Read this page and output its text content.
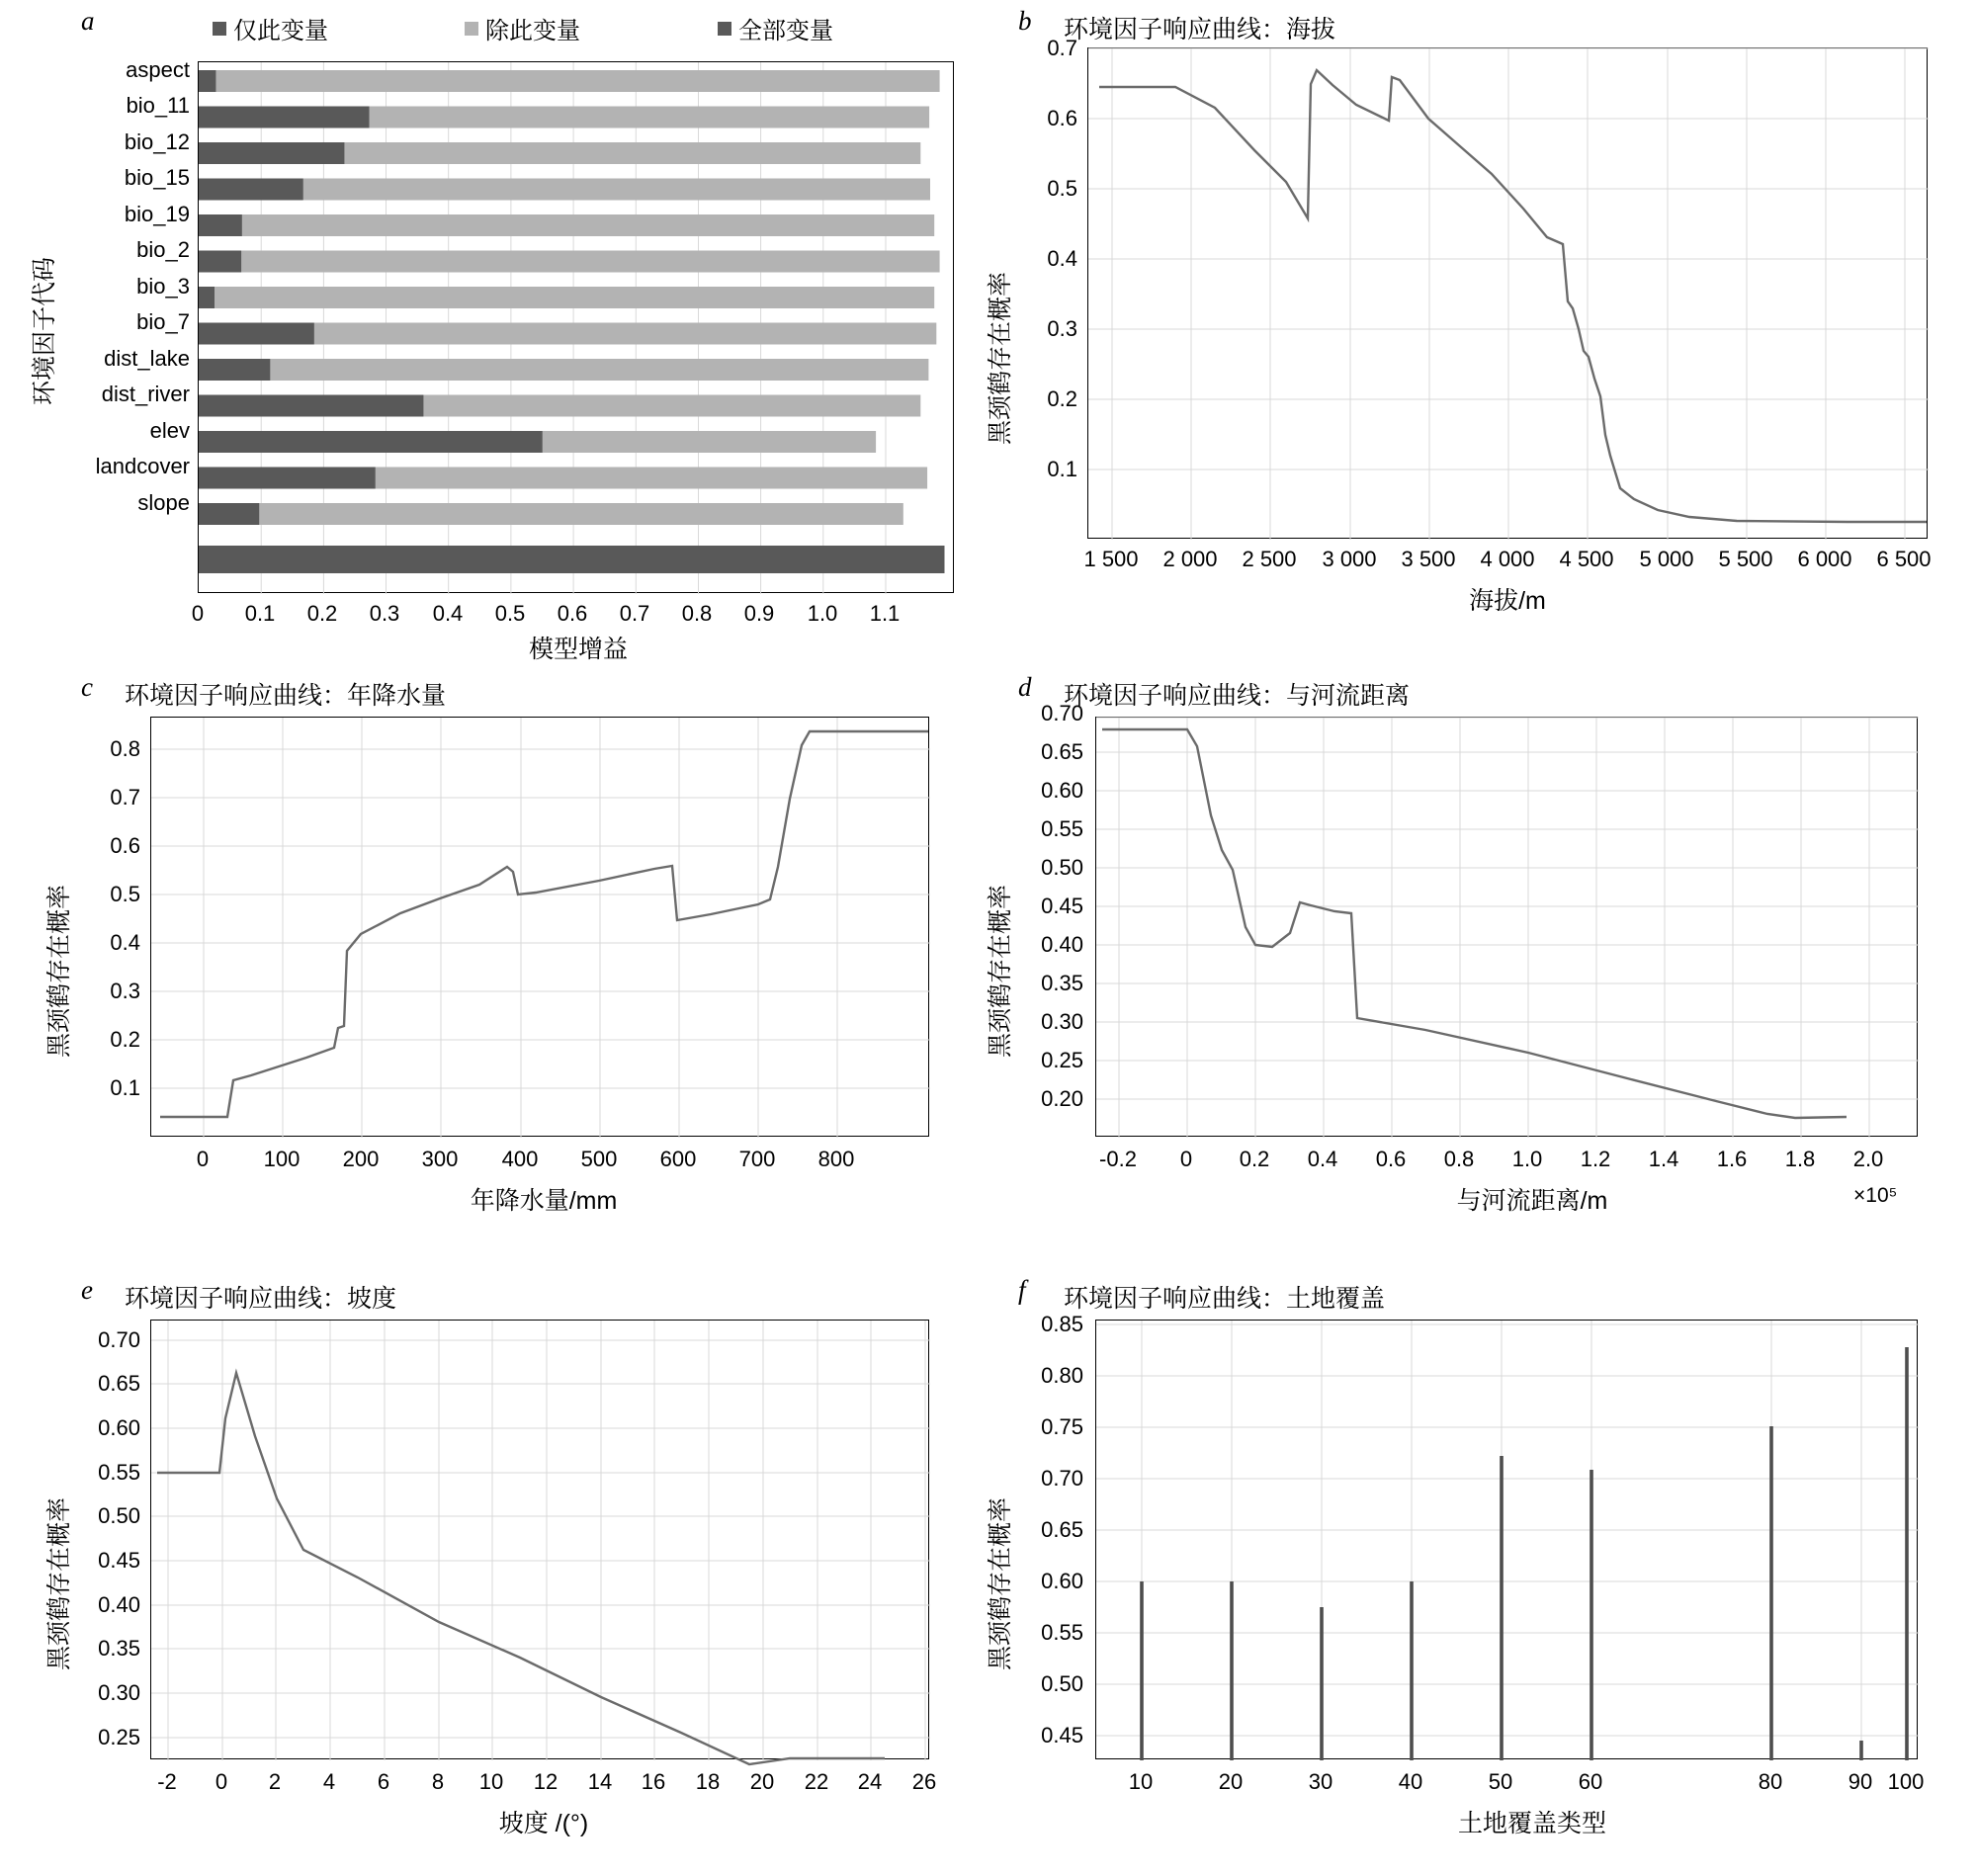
a	仅此变量	除此变量	全部变量
aspect
bio_11
bio_12
bio_15
bio_19
bio_2
bio_3
bio_7
dist_lake
dist_river
elev
landcover
slope
0	0.1	0.2	0.3	0.4	0.5	0.6	0.7	0.8	0.9	1.0	1.1
模型增益
环境因子代码
b 环境因子响应曲线：海拔
0.1
0.2
0.3
0.4
0.5
0.6
0.7
1 500	2 000	2 500	3 000	3 500	4 000	4 500	5 000	5 500	6 000	6 500
海拔/m
黑颈鹤存在概率
c 环境因子响应曲线：年降水量
0.1
0.2
0.3
0.4
0.5
0.6
0.7
0.8
0	100	200	300	400	500	600	700	800
年降水量/mm
黑颈鹤存在概率
d 环境因子响应曲线：与河流距离
0.20
0.25
0.30
0.35
0.40
0.45
0.50
0.55
0.60
0.65
0.70
-0.2	0	0.2	0.4	0.6	0.8	1.0	1.2	1.4	1.6	1.8	2.0
与河流距离/m	×10⁵
黑颈鹤存在概率
e 环境因子响应曲线：坡度
0.25
0.30
0.35
0.40
0.45
0.50
0.55
0.60
0.65
0.70
-2	0	2	4	6	8	10	12	14	16	18	20	22	24	26
坡度 /(°)
黑颈鹤存在概率
f 环境因子响应曲线：土地覆盖
0.45
0.50
0.55
0.60
0.65
0.70
0.75
0.80
0.85
10	20	30	40	50	60	80	90 100
土地覆盖类型
黑颈鹤存在概率
